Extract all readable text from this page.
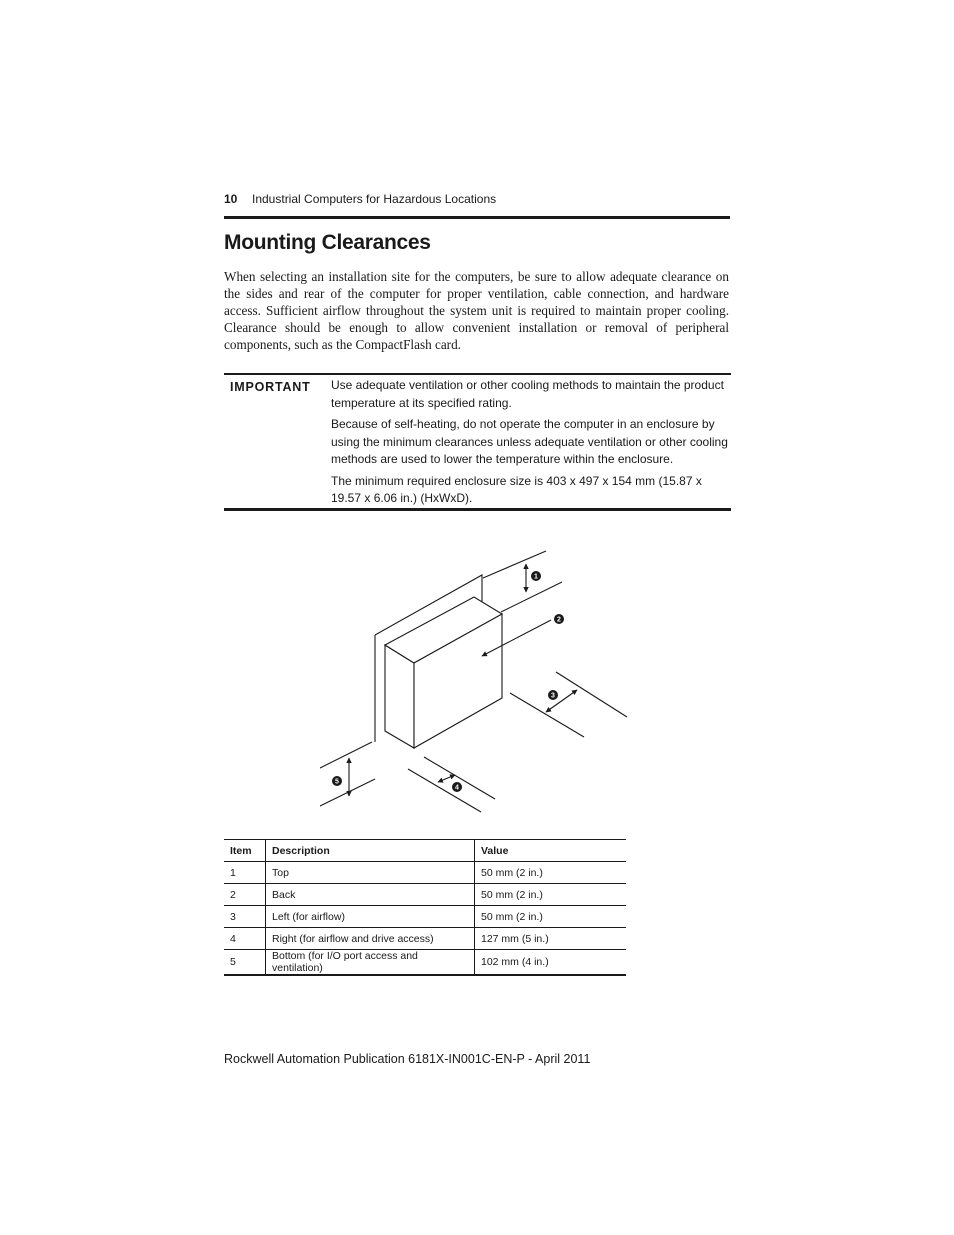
10 Industrial Computers for Hazardous Locations
Mounting Clearances

When selecting an installation site for the computers, be sure to allow adequate clearance on the sides and rear of the computer for proper ventilation, cable connection, and hardware access. Sufficient airflow throughout the system unit is required to maintain proper cooling. Clearance should be enough to allow convenient installation or removal of peripheral components, such as the CompactFlash card.

IMPORTANT Use adequate ventilation or other cooling methods to maintain the product temperature at its specified rating.

Because of self-heating, do not operate the computer in an enclosure by using the minimum clearances unless adequate ventilation or other cooling methods are used to lower the temperature within the enclosure.

The minimum required enclosure size is 403 x 497 x 154 mm (15.87 x 19.57 x 6.06 in.) (HxWxD).

1
2
3
4
5
Item	Description	Value
1	Top	50 mm (2 in.)
2	Back	50 mm (2 in.)
3	Left (for airflow)	50 mm (2 in.)
4	Right (for airflow and drive access)	127 mm (5 in.)
5	Bottom (for I/O port access and ventilation)	102 mm (4 in.)
Rockwell Automation Publication 6181X-IN001C-EN-P - April 2011
